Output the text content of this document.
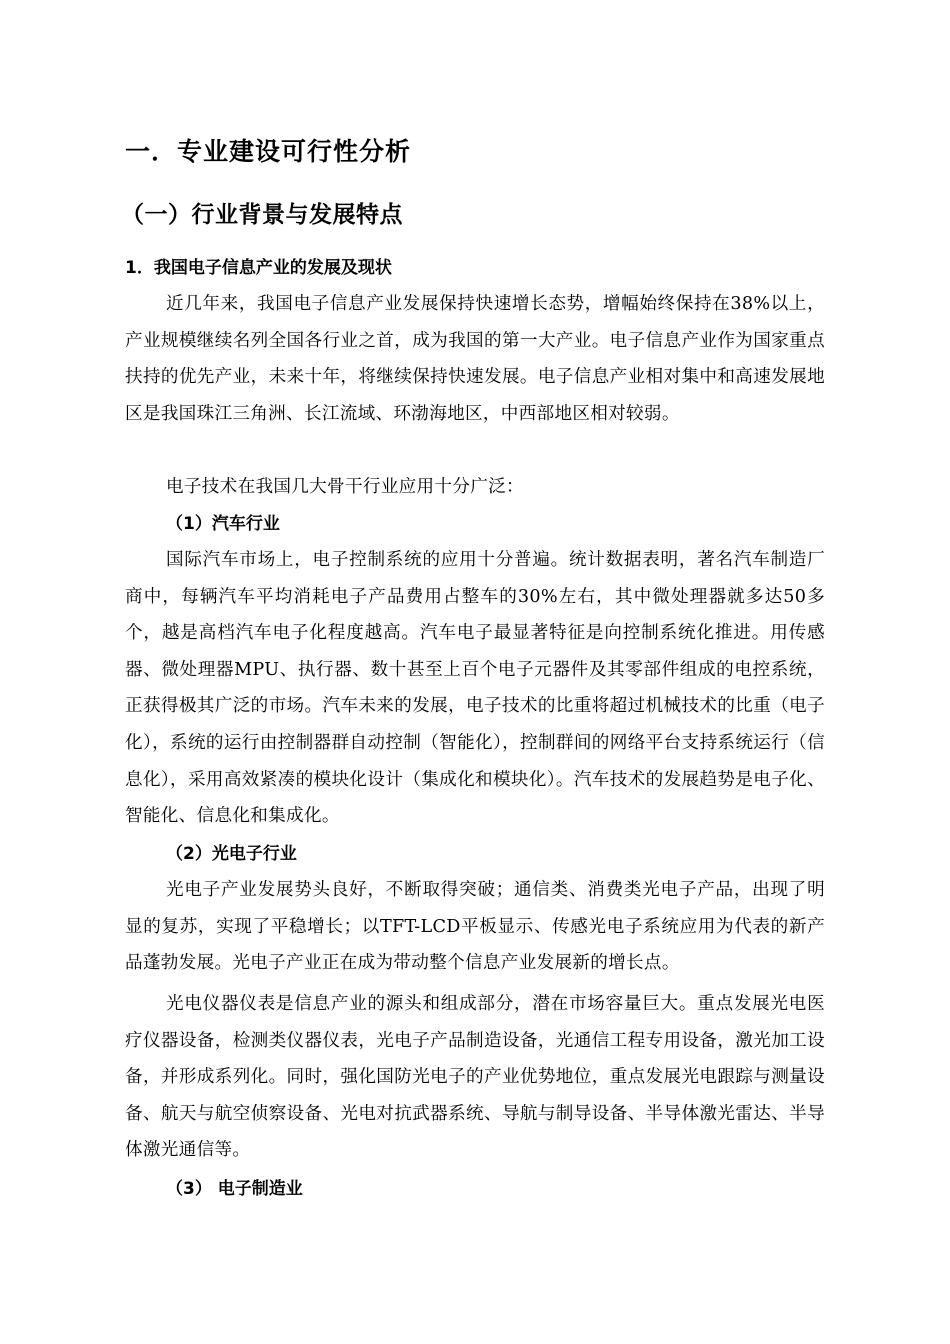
一．专业建设可行性分析
（一）行业背景与发展特点
1．我国电子信息产业的发展及现状

近几年来，我国电子信息产业发展保持快速增长态势，增幅始终保持在38%以上，产业规模继续名列全国各行业之首，成为我国的第一大产业。电子信息产业作为国家重点扶持的优先产业，未来十年，将继续保持快速发展。电子信息产业相对集中和高速发展地区是我国珠江三角洲、长江流域、环渤海地区，中西部地区相对较弱。

电子技术在我国几大骨干行业应用十分广泛：

（1）汽车行业

国际汽车市场上，电子控制系统的应用十分普遍。统计数据表明，著名汽车制造厂商中，每辆汽车平均消耗电子产品费用占整车的30%左右，其中微处理器就多达50多个，越是高档汽车电子化程度越高。汽车电子最显著特征是向控制系统化推进。用传感器、微处理器MPU、执行器、数十甚至上百个电子元器件及其零部件组成的电控系统，正获得极其广泛的市场。汽车未来的发展，电子技术的比重将超过机械技术的比重（电子化），系统的运行由控制器群自动控制（智能化），控制群间的网络平台支持系统运行（信息化），采用高效紧凑的模块化设计（集成化和模块化）。汽车技术的发展趋势是电子化、智能化、信息化和集成化。

（2）光电子行业

光电子产业发展势头良好，不断取得突破；通信类、消费类光电子产品，出现了明显的复苏，实现了平稳增长；以TFT-LCD平板显示、传感光电子系统应用为代表的新产品蓬勃发展。光电子产业正在成为带动整个信息产业发展新的增长点。

光电仪器仪表是信息产业的源头和组成部分，潜在市场容量巨大。重点发展光电医疗仪器设备，检测类仪器仪表，光电子产品制造设备，光通信工程专用设备，激光加工设备，并形成系列化。同时，强化国防光电子的产业优势地位，重点发展光电跟踪与测量设备、航天与航空侦察设备、光电对抗武器系统、导航与制导设备、半导体激光雷达、半导体激光通信等。

（3） 电子制造业
